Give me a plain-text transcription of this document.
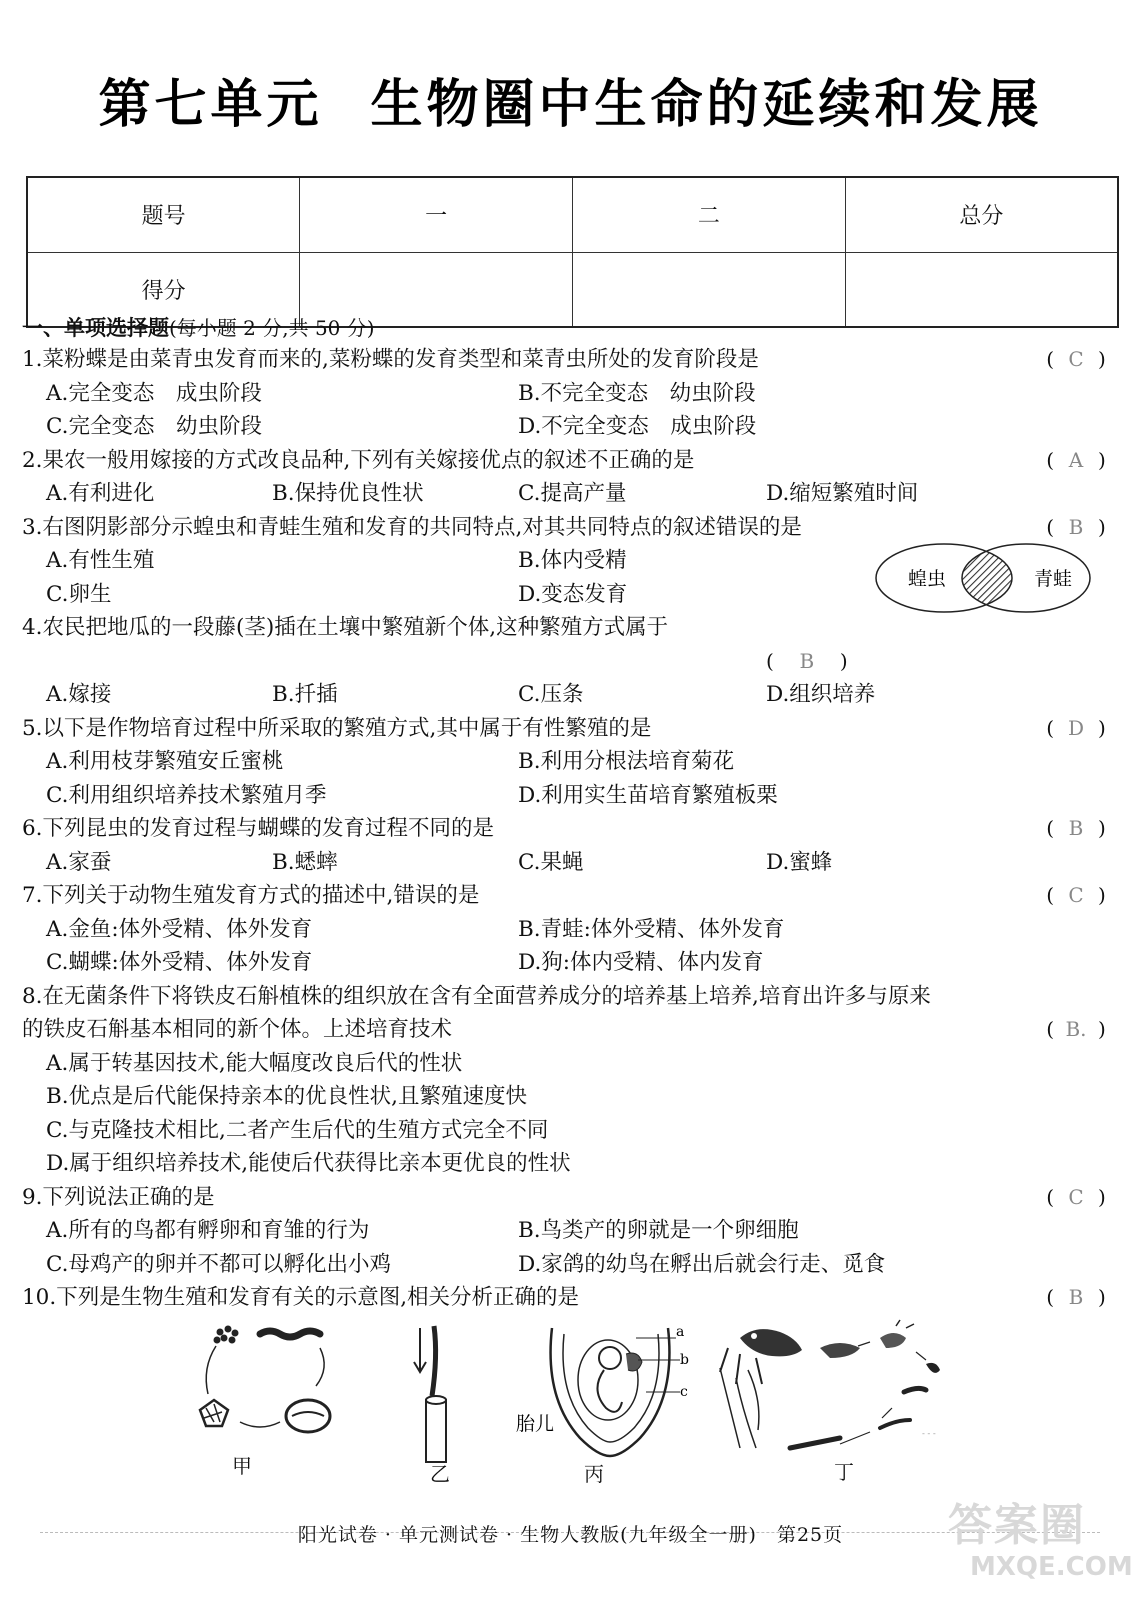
第七单元 生物圈中生命的延续和发展
题号	一	二	总分
得分			
一、单项选择题(每小题 2 分,共 50 分)
1.菜粉蝶是由菜青虫发育而来的,菜粉蝶的发育类型和菜青虫所处的发育阶段是	( C )
A.完全变态　成虫阶段	B.不完全变态　幼虫阶段
C.完全变态　幼虫阶段	D.不完全变态　成虫阶段
2.果农一般用嫁接的方式改良品种,下列有关嫁接优点的叙述不正确的是	( A )
A.有利进化	B.保持优良性状	C.提高产量	D.缩短繁殖时间
3.右图阴影部分示蝗虫和青蛙生殖和发育的共同特点,对其共同特点的叙述错误的是	( B )
A.有性生殖	B.体内受精
C.卵生	D.变态发育
4.农民把地瓜的一段藤(茎)插在土壤中繁殖新个体,这种繁殖方式属于
( B )
A.嫁接	B.扦插	C.压条	D.组织培养
5.以下是作物培育过程中所采取的繁殖方式,其中属于有性繁殖的是	( D )
A.利用枝芽繁殖安丘蜜桃	B.利用分根法培育菊花
C.利用组织培养技术繁殖月季	D.利用实生苗培育繁殖板栗
6.下列昆虫的发育过程与蝴蝶的发育过程不同的是	( B )
A.家蚕	B.蟋蟀	C.果蝇	D.蜜蜂
7.下列关于动物生殖发育方式的描述中,错误的是	( C )
A.金鱼:体外受精、体外发育	B.青蛙:体外受精、体外发育
C.蝴蝶:体外受精、体外发育	D.狗:体内受精、体内发育
8.在无菌条件下将铁皮石斛植株的组织放在含有全面营养成分的培养基上培养,培育出许多与原来
的铁皮石斛基本相同的新个体。上述培育技术	( B. )
A.属于转基因技术,能大幅度改良后代的性状
B.优点是后代能保持亲本的优良性状,且繁殖速度快
C.与克隆技术相比,二者产生后代的生殖方式完全不同
D.属于组织培养技术,能使后代获得比亲本更优良的性状
9.下列说法正确的是	( C )
A.所有的鸟都有孵卵和育雏的行为	B.鸟类产的卵就是一个卵细胞
C.母鸡产的卵并不都可以孵化出小鸡	D.家鸽的幼鸟在孵出后就会行走、觅食
10.下列是生物生殖和发育有关的示意图,相关分析正确的是	( B )
蝗虫	青蛙
a
b
c
胎儿	- - -
甲	乙	丙	丁
阳光试卷 · 单元测试卷 · 生物人教版(九年级全一册)　第25页	答案圈
MXQE.COM
